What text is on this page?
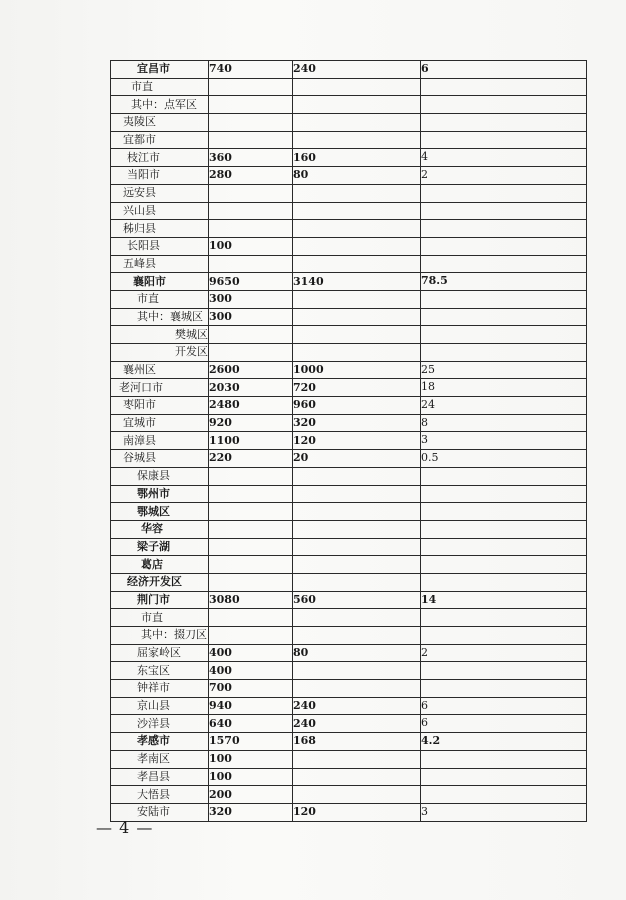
宜昌市	740	240	6
市直			
其中：点军区			
夷陵区			
宜都市			
枝江市	360	160	4
当阳市	280	80	2
远安县			
兴山县			
秭归县			
长阳县	100		
五峰县			
襄阳市	9650	3140	78.5
市直	300		
其中：襄城区	300		
樊城区			
开发区			
襄州区	2600	1000	25
老河口市	2030	720	18
枣阳市	2480	960	24
宜城市	920	320	8
南漳县	1100	120	3
谷城县	220	20	0.5
保康县			
鄂州市			
鄂城区			
华容			
梁子湖			
葛店			
经济开发区			
荆门市	3080	560	14
市直			
其中：掇刀区			
屈家岭区	400	80	2
东宝区	400		
钟祥市	700		
京山县	940	240	6
沙洋县	640	240	6
孝感市	1570	168	4.2
孝南区	100		
孝昌县	100		
大悟县	200		
安陆市	320	120	3
— 4 —
